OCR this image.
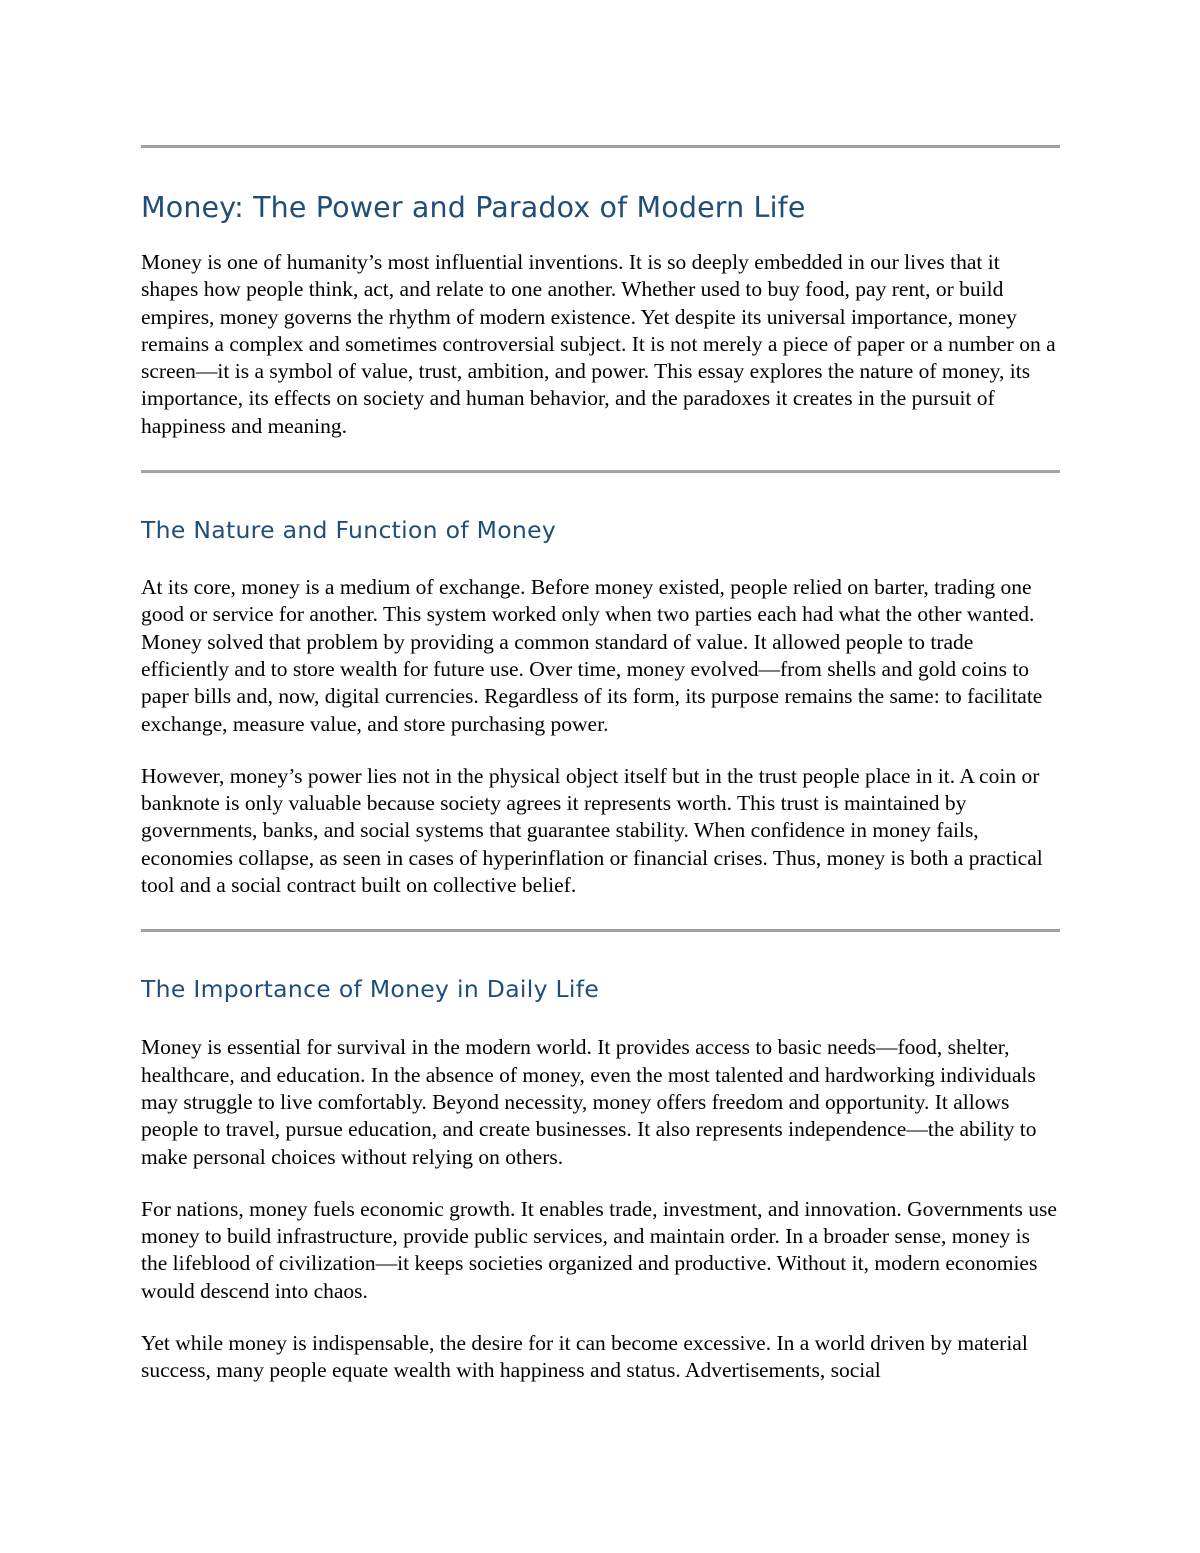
Money: The Power and Paradox of Modern Life

Money is one of humanity’s most influential inventions. It is so deeply embedded in our lives that it shapes how people think, act, and relate to one another. Whether used to buy food, pay rent, or build empires, money governs the rhythm of modern existence. Yet despite its universal importance, money remains a complex and sometimes controversial subject. It is not merely a piece of paper or a number on a screen—it is a symbol of value, trust, ambition, and power. This essay explores the nature of money, its importance, its effects on society and human behavior, and the paradoxes it creates in the pursuit of happiness and meaning.

The Nature and Function of Money

At its core, money is a medium of exchange. Before money existed, people relied on barter, trading one good or service for another. This system worked only when two parties each had what the other wanted. Money solved that problem by providing a common standard of value. It allowed people to trade efficiently and to store wealth for future use. Over time, money evolved—from shells and gold coins to paper bills and, now, digital currencies. Regardless of its form, its purpose remains the same: to facilitate exchange, measure value, and store purchasing power.

However, money’s power lies not in the physical object itself but in the trust people place in it. A coin or banknote is only valuable because society agrees it represents worth. This trust is maintained by governments, banks, and social systems that guarantee stability. When confidence in money fails, economies collapse, as seen in cases of hyperinflation or financial crises. Thus, money is both a practical tool and a social contract built on collective belief.

The Importance of Money in Daily Life

Money is essential for survival in the modern world. It provides access to basic needs—food, shelter, healthcare, and education. In the absence of money, even the most talented and hardworking individuals may struggle to live comfortably. Beyond necessity, money offers freedom and opportunity. It allows people to travel, pursue education, and create businesses. It also represents independence—the ability to make personal choices without relying on others.

For nations, money fuels economic growth. It enables trade, investment, and innovation. Governments use money to build infrastructure, provide public services, and maintain order. In a broader sense, money is the lifeblood of civilization—it keeps societies organized and productive. Without it, modern economies would descend into chaos.

Yet while money is indispensable, the desire for it can become excessive. In a world driven by material success, many people equate wealth with happiness and status. Advertisements, social
